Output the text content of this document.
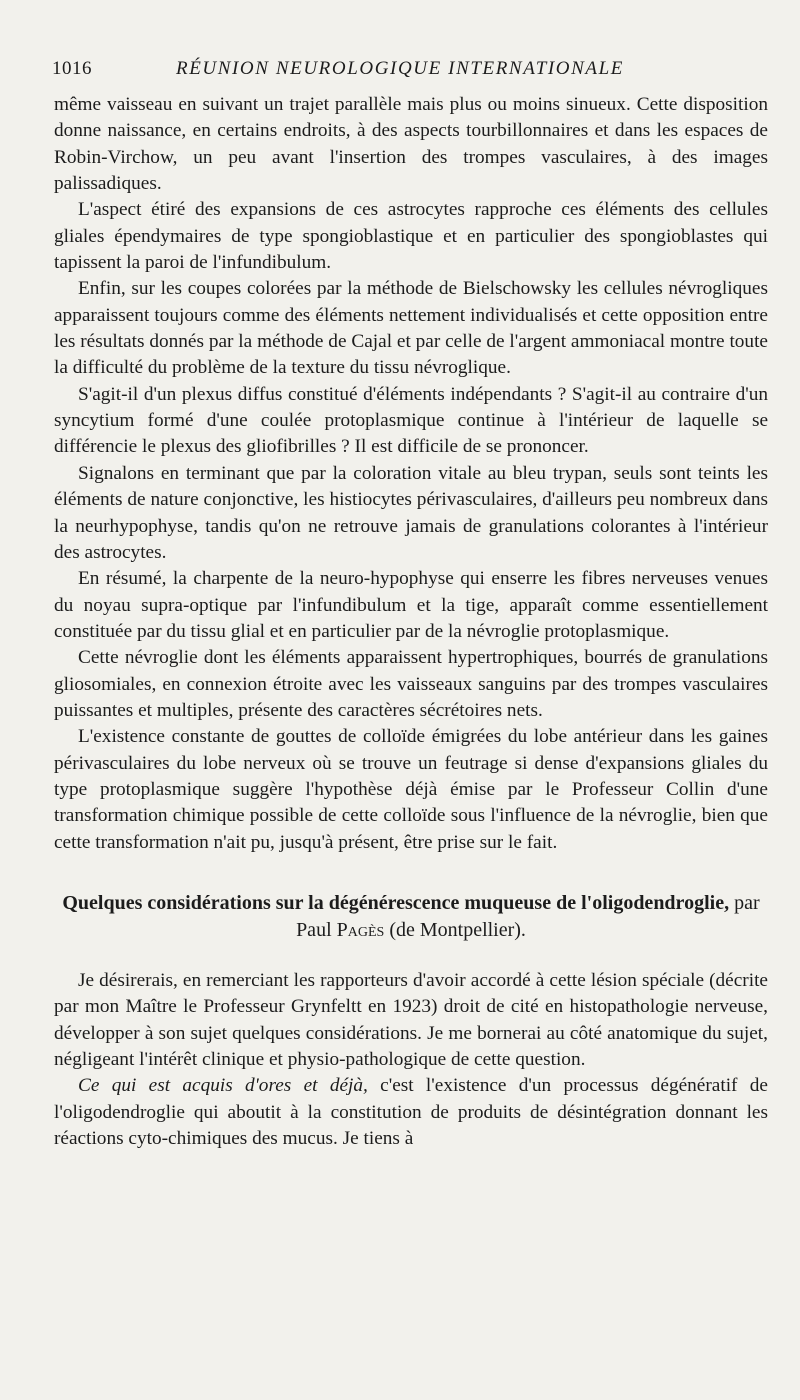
1016	RÉUNION NEUROLOGIQUE INTERNATIONALE

même vaisseau en suivant un trajet parallèle mais plus ou moins sinueux. Cette disposition donne naissance, en certains endroits, à des aspects tourbillonnaires et dans les espaces de Robin-Virchow, un peu avant l'insertion des trompes vasculaires, à des images palissadiques.

L'aspect étiré des expansions de ces astrocytes rapproche ces éléments des cellules gliales épendymaires de type spongioblastique et en particulier des spongioblastes qui tapissent la paroi de l'infundibulum.

Enfin, sur les coupes colorées par la méthode de Bielschowsky les cellules névrogliques apparaissent toujours comme des éléments nettement individualisés et cette opposition entre les résultats donnés par la méthode de Cajal et par celle de l'argent ammoniacal montre toute la difficulté du problème de la texture du tissu névroglique.

S'agit-il d'un plexus diffus constitué d'éléments indépendants ? S'agit-il au contraire d'un syncytium formé d'une coulée protoplasmique continue à l'intérieur de laquelle se différencie le plexus des gliofibrilles ? Il est difficile de se prononcer.

Signalons en terminant que par la coloration vitale au bleu trypan, seuls sont teints les éléments de nature conjonctive, les histiocytes périvasculaires, d'ailleurs peu nombreux dans la neurhypophyse, tandis qu'on ne retrouve jamais de granulations colorantes à l'intérieur des astrocytes.

En résumé, la charpente de la neuro-hypophyse qui enserre les fibres nerveuses venues du noyau supra-optique par l'infundibulum et la tige, apparaît comme essentiellement constituée par du tissu glial et en particulier par de la névroglie protoplasmique.

Cette névroglie dont les éléments apparaissent hypertrophiques, bourrés de granulations gliosomiales, en connexion étroite avec les vaisseaux sanguins par des trompes vasculaires puissantes et multiples, présente des caractères sécrétoires nets.

L'existence constante de gouttes de colloïde émigrées du lobe antérieur dans les gaines périvasculaires du lobe nerveux où se trouve un feutrage si dense d'expansions gliales du type protoplasmique suggère l'hypothèse déjà émise par le Professeur Collin d'une transformation chimique possible de cette colloïde sous l'influence de la névroglie, bien que cette transformation n'ait pu, jusqu'à présent, être prise sur le fait.

Quelques considérations sur la dégénérescence muqueuse de l'oligodendroglie, par Paul Pagès (de Montpellier).

Je désirerais, en remerciant les rapporteurs d'avoir accordé à cette lésion spéciale (décrite par mon Maître le Professeur Grynfeltt en 1923) droit de cité en histopathologie nerveuse, développer à son sujet quelques considérations. Je me bornerai au côté anatomique du sujet, négligeant l'intérêt clinique et physio-pathologique de cette question.

Ce qui est acquis d'ores et déjà, c'est l'existence d'un processus dégénératif de l'oligodendroglie qui aboutit à la constitution de produits de désintégration donnant les réactions cyto-chimiques des mucus. Je tiens à
